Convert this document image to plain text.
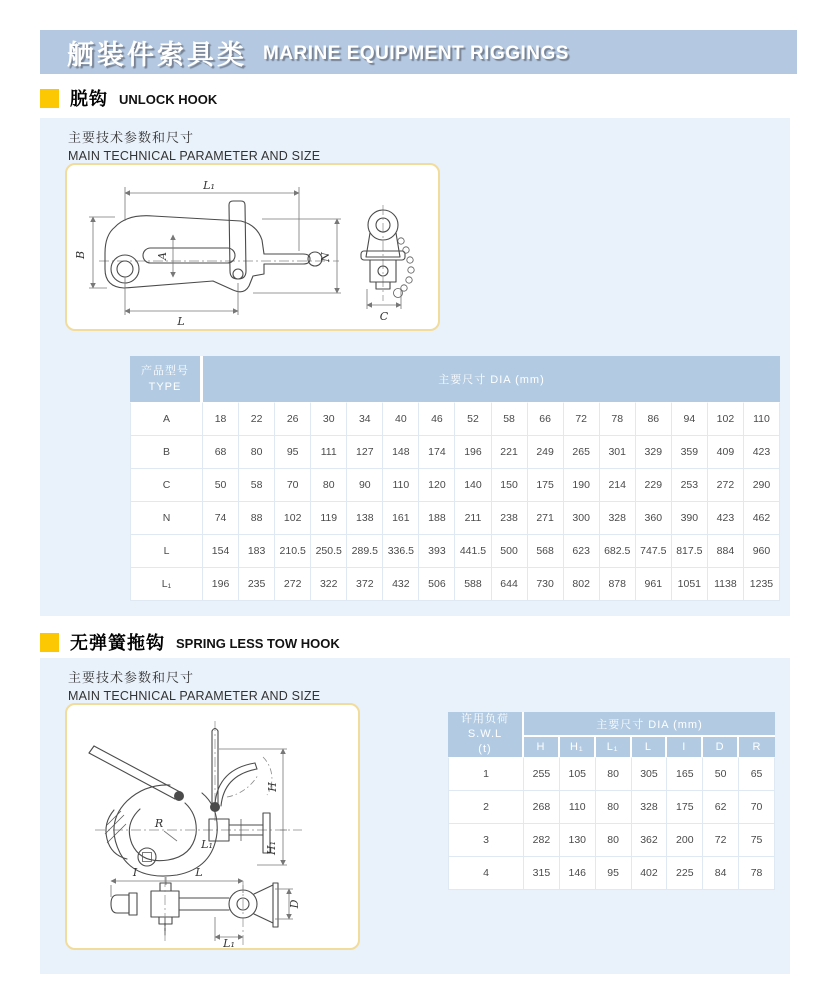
舾装件索具类 MARINE EQUIPMENT RIGGINGS
脱钩 UNLOCK HOOK
主要技术参数和尺寸
MAIN TECHNICAL PARAMETER AND SIZE
L₁
B	A	N
L	C
产品型号
TYPE	主要尺寸 DIA (mm)															
A	18	22	26	30	34	40	46	52	58	66	72	78	86	94	102	110
B	68	80	95	111	127	148	174	196	221	249	265	301	329	359	409	423
C	50	58	70	80	90	110	120	140	150	175	190	214	229	253	272	290
N	74	88	102	119	138	161	188	211	238	271	300	328	360	390	423	462
L	154	183	210.5	250.5	289.5	336.5	393	441.5	500	568	623	682.5	747.5	817.5	884	960
L₁	196	235	272	322	372	432	506	588	644	730	802	878	961	1051	1138	1235
无弹簧拖钩 SPRING LESS TOW HOOK
主要技术参数和尺寸
MAIN TECHNICAL PARAMETER AND SIZE
R
L₁
H
H₁
I	L
D
L₁
许用负荷
S.W.L
(t)	主要尺寸 DIA (mm)						
	H	H₁	L₁	L	I	D	R
1	255	105	80	305	165	50	65
2	268	110	80	328	175	62	70
3	282	130	80	362	200	72	75
4	315	146	95	402	225	84	78
